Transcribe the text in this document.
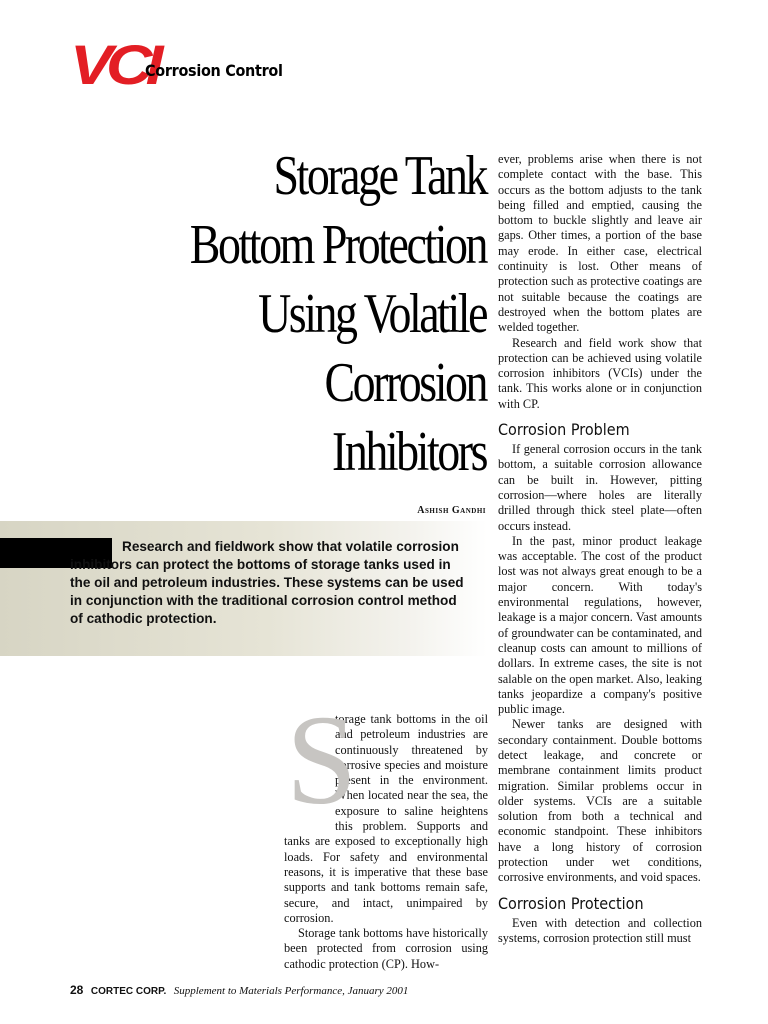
VCI
Corrosion Control
Storage Tank
Bottom Protection
Using Volatile
Corrosion
Inhibitors
Ashish Gandhi
Research and fieldwork show that volatile corrosion inhibitors can protect the bottoms of storage tanks used in the oil and petroleum industries. These systems can be used in conjunction with the traditional corrosion control method of cathodic protection.
S

torage tank bottoms in the oil and petroleum industries are continuously threatened by corrosive species and moisture present in the environment. When located near the sea, the exposure to saline heightens this problem. Supports and tanks are exposed to exceptionally high loads. For safety and environmental reasons, it is imperative that these base supports and tank bottoms remain safe, secure, and intact, unimpaired by corrosion.

Storage tank bottoms have historically been protected from corrosion using cathodic protection (CP). How-

ever, problems arise when there is not complete contact with the base. This occurs as the bottom adjusts to the tank being filled and emptied, causing the bottom to buckle slightly and leave air gaps. Other times, a portion of the base may erode. In either case, electrical continuity is lost. Other means of protection such as protective coatings are not suitable because the coatings are destroyed when the bottom plates are welded together.

Research and field work show that protection can be achieved using volatile corrosion inhibitors (VCIs) under the tank. This works alone or in conjunction with CP.

Corrosion Problem

If general corrosion occurs in the tank bottom, a suitable corrosion allowance can be built in. However, pitting corrosion—where holes are literally drilled through thick steel plate—often occurs instead.

In the past, minor product leakage was acceptable. The cost of the product lost was not always great enough to be a major concern. With today's environmental regulations, however, leakage is a major concern. Vast amounts of groundwater can be contaminated, and cleanup costs can amount to millions of dollars. In extreme cases, the site is not salable on the open market. Also, leaking tanks jeopardize a company's positive public image.

Newer tanks are designed with secondary containment. Double bottoms detect leakage, and concrete or membrane containment limits product migration. Similar problems occur in older systems. VCIs are a suitable solution from both a technical and economic standpoint. These inhibitors have a long history of corrosion protection under wet conditions, corrosive environments, and void spaces.

Corrosion Protection

Even with detection and collection systems, corrosion protection still must

28 CORTEC CORP. Supplement to Materials Performance, January 2001
